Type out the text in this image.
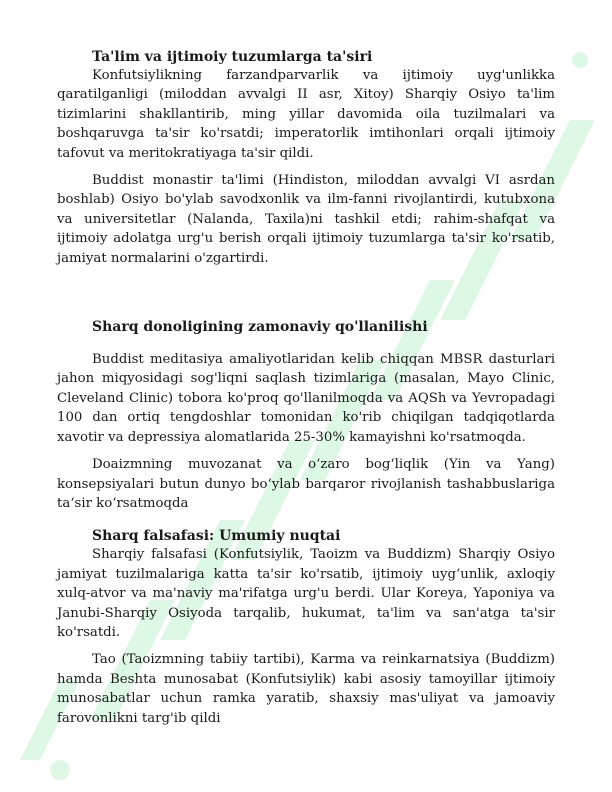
Ta'lim va ijtimoiy tuzumlarga ta'siri

Konfutsiylikning farzandparvarlik va ijtimoiy uyg'unlikka qaratilganligi (miloddan avvalgi II asr, Xitoy) Sharqiy Osiyo ta'lim tizimlarini shakllantirib, ming yillar davomida oila tuzilmalari va boshqaruvga ta'sir ko'rsatdi; imperatorlik imtihonlari orqali ijtimoiy tafovut va meritokratiyaga ta'sir qildi.

Buddist monastir ta'limi (Hindiston, miloddan avvalgi VI asrdan boshlab) Osiyo bo'ylab savodxonlik va ilm-fanni rivojlantirdi, kutubxona va universitetlar (Nalanda, Taxila)ni tashkil etdi; rahim-shafqat va ijtimoiy adolatga urg'u berish orqali ijtimoiy tuzumlarga ta'sir ko'rsatib, jamiyat normalarini o'zgartirdi.

Sharq donoligining zamonaviy qo'llanilishi

Buddist meditasiya amaliyotlaridan kelib chiqqan MBSR dasturlari jahon miqyosidagi sog'liqni saqlash tizimlariga (masalan, Mayo Clinic, Cleveland Clinic) tobora ko'proq qo'llanilmoqda va AQSh va Yevropadagi 100 dan ortiq tengdoshlar tomonidan ko'rib chiqilgan tadqiqotlarda xavotir va depressiya alomatlarida 25-30% kamayishni ko'rsatmoqda.

Doaizmning muvozanat va o‘zaro bog‘liqlik (Yin va Yang) konsepsiyalari butun dunyo bo‘ylab barqaror rivojlanish tashabbuslariga ta‘sir ko‘rsatmoqda

Sharq falsafasi: Umumiy nuqtai

Sharqiy falsafasi (Konfutsiylik, Taoizm va Buddizm) Sharqiy Osiyo jamiyat tuzilmalariga katta ta'sir ko'rsatib, ijtimoiy uyg‘unlik, axloqiy xulq-atvor va ma'naviy ma'rifatga urg'u berdi. Ular Koreya, Yaponiya va Janubi-Sharqiy Osiyoda tarqalib, hukumat, ta'lim va san'atga ta'sir ko'rsatdi.

Tao (Taoizmning tabiiy tartibi), Karma va reinkarnatsiya (Buddizm) hamda Beshta munosabat (Konfutsiylik) kabi asosiy tamoyillar ijtimoiy munosabatlar uchun ramka yaratib, shaxsiy mas'uliyat va jamoaviy farovonlikni targ'ib qildi
